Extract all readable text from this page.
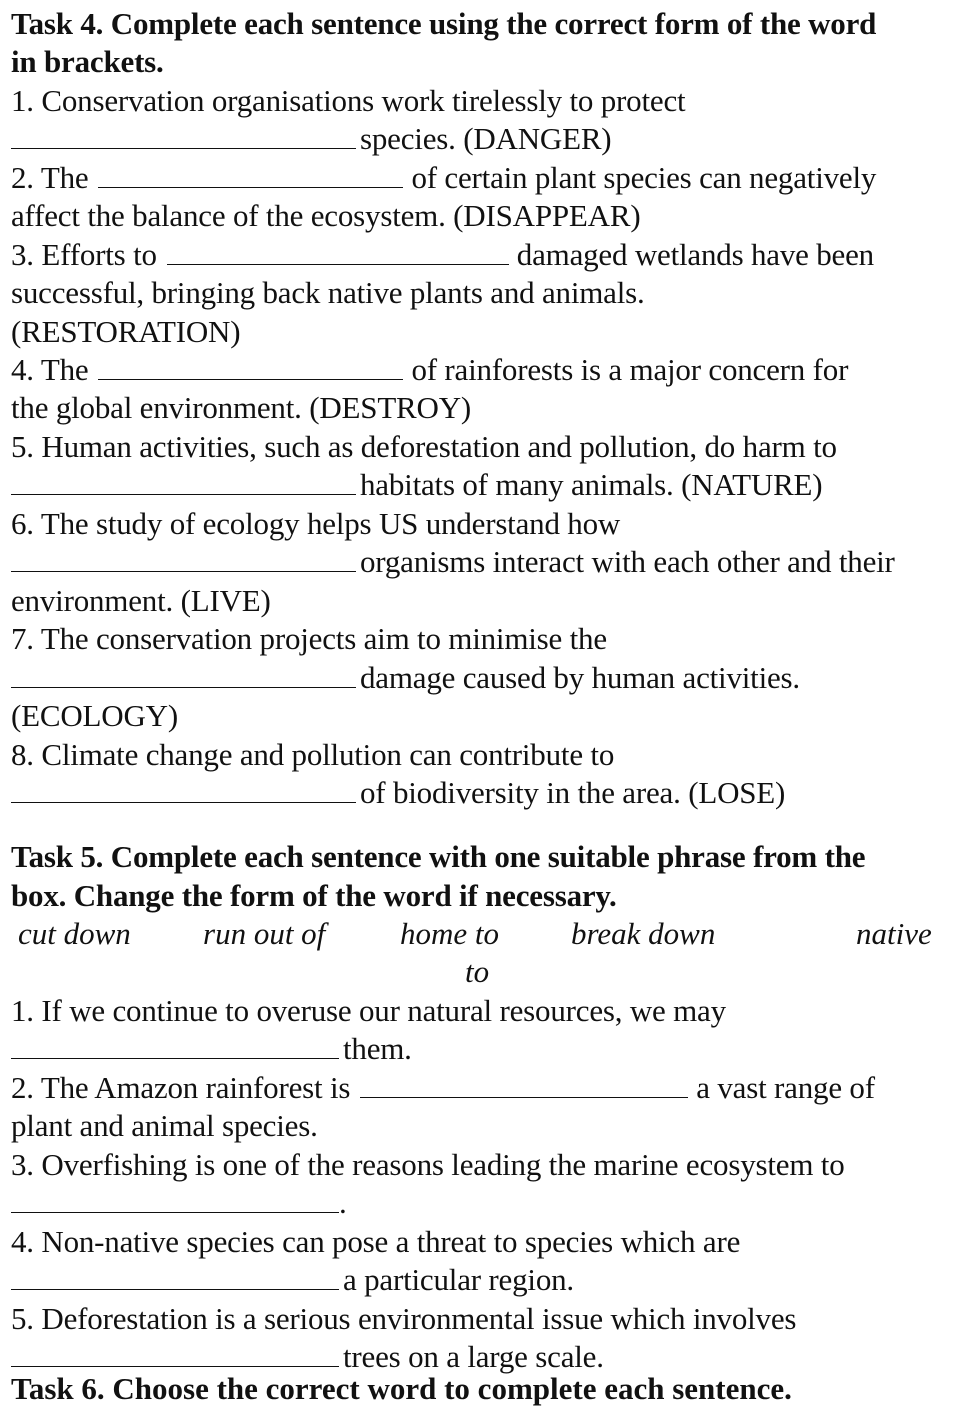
Task 4. Complete each sentence using the correct form of the word
in brackets.
1. Conservation organisations work tirelessly to protect
species. (DANGER)
2. The	of certain plant species can negatively
affect the balance of the ecosystem. (DISAPPEAR)
3. Efforts to	damaged wetlands have been
successful, bringing back native plants and animals.
(RESTORATION)
4. The	of rainforests is a major concern for
the global environment. (DESTROY)
5. Human activities, such as deforestation and pollution, do harm to
habitats of many animals. (NATURE)
6. The study of ecology helps US understand how
organisms interact with each other and their
environment. (LIVE)
7. The conservation projects aim to minimise the
damage caused by human activities.
(ECOLOGY)
8. Climate change and pollution can contribute to
of biodiversity in the area. (LOSE)
Task 5. Complete each sentence with one suitable phrase from the
box. Change the form of the word if necessary.
cut down run out of home to break down	native
to
1. If we continue to overuse our natural resources, we may
them.
2. The Amazon rainforest is	a vast range of
plant and animal species.
3. Overfishing is one of the reasons leading the marine ecosystem to
.
4. Non-native species can pose a threat to species which are
a particular region.
5. Deforestation is a serious environmental issue which involves
trees on a large scale.
Task 6. Choose the correct word to complete each sentence.
